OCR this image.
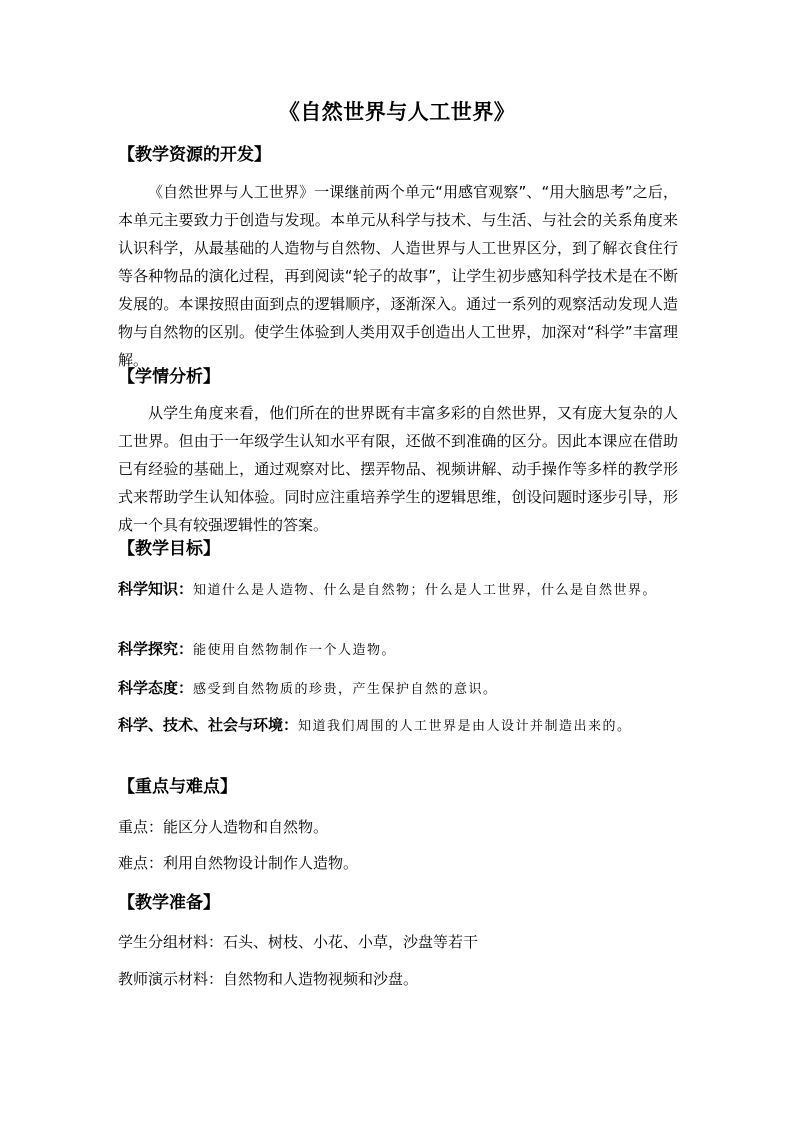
《自然世界与人工世界》
【教学资源的开发】

《自然世界与人工世界》一课继前两个单元“用感官观察”、“用大脑思考”之后，本单元主要致力于创造与发现。本单元从科学与技术、与生活、与社会的关系角度来认识科学，从最基础的人造物与自然物、人造世界与人工世界区分，到了解衣食住行等各种物品的演化过程，再到阅读“轮子的故事”，让学生初步感知科学技术是在不断发展的。本课按照由面到点的逻辑顺序，逐渐深入。通过一系列的观察活动发现人造物与自然物的区别。使学生体验到人类用双手创造出人工世界，加深对“科学”丰富理解。

【学情分析】

从学生角度来看，他们所在的世界既有丰富多彩的自然世界，又有庞大复杂的人工世界。但由于一年级学生认知水平有限，还做不到准确的区分。因此本课应在借助已有经验的基础上，通过观察对比、摆弄物品、视频讲解、动手操作等多样的教学形式来帮助学生认知体验。同时应注重培养学生的逻辑思维，创设问题时逐步引导，形成一个具有较强逻辑性的答案。

【教学目标】

科学知识：知道什么是人造物、什么是自然物；什么是人工世界，什么是自然世界。

科学探究：能使用自然物制作一个人造物。

科学态度：感受到自然物质的珍贵，产生保护自然的意识。

科学、技术、社会与环境：知道我们周围的人工世界是由人设计并制造出来的。

【重点与难点】

重点：能区分人造物和自然物。

难点：利用自然物设计制作人造物。

【教学准备】

学生分组材料：石头、树枝、小花、小草，沙盘等若干

教师演示材料：自然物和人造物视频和沙盘。
